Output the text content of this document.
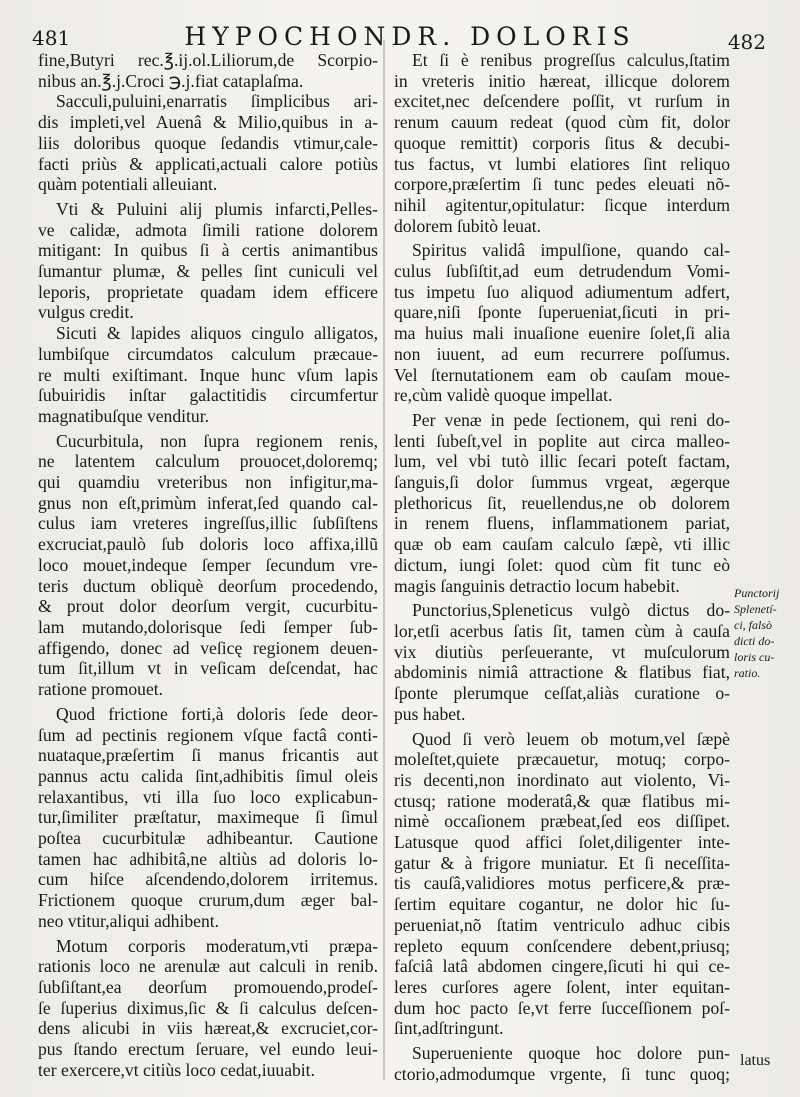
481	HYPOCHONDR. DOLORIS	482
fine,Butyri rec.℥.ij.ol.Liliorum,de Scorpio-
nibus an.℥.j.Croci ℈.j.fiat cataplaſma.
Sacculi,puluini,enarratis ſimplicibus ari-
dis impleti,vel Auenâ & Milio,quibus in a-
liis doloribus quoque ſedandis vtimur,cale-
facti priùs & applicati,actuali calore potiùs
quàm potentiali alleuiant.
Vti & Puluini alij plumis infarcti,Pelles-
ve calidæ, admota ſimili ratione dolorem
mitigant: In quibus ſi à certis animantibus
ſumantur plumæ, & pelles ſint cuniculi vel
leporis, proprietate quadam idem efficere
vulgus credit.
Sicuti & lapides aliquos cingulo alligatos,
lumbiſque circumdatos calculum præcaue-
re multi exiſtimant. Inque hunc vſum lapis
ſubuiridis inſtar galactitidis circumfertur
magnatibuſque venditur.
Cucurbitula, non ſupra regionem renis,
ne latentem calculum prouocet,doloremq;
qui quamdiu vreteribus non infigitur,ma-
gnus non eſt,primùm inferat,ſed quando cal-
culus iam vreteres ingreſſus,illic ſubſiſtens
excruciat,paulò ſub doloris loco affixa,illũ
loco mouet,indeque ſemper ſecundum vre-
teris ductum obliquè deorſum procedendo,
& prout dolor deorſum vergit, cucurbitu-
lam mutando,dolorisque ſedi ſemper ſub-
affigendo, donec ad veſicę regionem deuen-
tum ſit,illum vt in veſicam deſcendat, hac
ratione promouet.
Quod frictione forti,à doloris ſede deor-
ſum ad pectinis regionem vſque factâ conti-
nuataque,præſertim ſi manus fricantis aut
pannus actu calida ſint,adhibitis ſimul oleis
relaxantibus, vti illa ſuo loco explicabun-
tur,ſimiliter præſtatur, maximeque ſi ſimul
poſtea cucurbitulæ adhibeantur. Cautione
tamen hac adhibitâ,ne altiùs ad doloris lo-
cum hiſce aſcendendo,dolorem irritemus.
Frictionem quoque crurum,dum æger bal-
neo vtitur,aliqui adhibent.
Motum corporis moderatum,vti præpa-
rationis loco ne arenulæ aut calculi in renib.
ſubſiſtant,ea deorſum promouendo,prodeſ-
ſe ſuperius diximus,ſic & ſi calculus deſcen-
dens alicubi in viis hæreat,& excruciet,cor-
pus ſtando erectum ſeruare, vel eundo leui-
ter exercere,vt citiùs loco cedat,iuuabit.
Et ſi è renibus progreſſus calculus,ſtatim
in vreteris initio hæreat, illicque dolorem
excitet,nec deſcendere poſſit, vt rurſum in
renum cauum redeat (quod cùm fit, dolor
quoque remittit) corporis ſitus & decubi-
tus factus, vt lumbi elatiores ſint reliquo
corpore,præſertim ſi tunc pedes eleuati nõ-
nihil agitentur,opitulatur: ſicque interdum
dolorem ſubitò leuat.
Spiritus validâ impulſione, quando cal-
culus ſubſiſtit,ad eum detrudendum Vomi-
tus impetu ſuo aliquod adiumentum adfert,
quare,niſi ſponte ſuperueniat,ſicuti in pri-
ma huius mali inuaſione euenire ſolet,ſi alia
non iuuent, ad eum recurrere poſſumus.
Vel ſternutationem eam ob cauſam moue-
re,cùm validè quoque impellat.
Per venæ in pede ſectionem, qui reni do-
lenti ſubeſt,vel in poplite aut circa malleo-
lum, vel vbi tutò illic ſecari poteſt factam,
ſanguis,ſi dolor ſummus vrgeat, ægerque
plethoricus ſit, reuellendus,ne ob dolorem
in renem fluens, inflammationem pariat,
quæ ob eam cauſam calculo ſæpè, vti illic
dictum, iungi ſolet: quod cùm fit tunc eò
magis ſanguinis detractio locum habebit.
Punctorius,Spleneticus vulgò dictus do-
lor,etſi acerbus ſatis ſit, tamen cùm à cauſa
vix diutiùs perſeuerante, vt muſculorum
abdominis nimiâ attractione & flatibus fiat,
ſponte plerumque ceſſat,aliàs curatione o-
pus habet.
Quod ſi verò leuem ob motum,vel ſæpè
moleſtet,quiete præcauetur, motuq; corpo-
ris decenti,non inordinato aut violento, Vi-
ctusq; ratione moderatâ,& quæ flatibus mi-
nimè occaſionem præbeat,ſed eos diſſipet.
Latusque quod affici ſolet,diligenter inte-
gatur & à frigore muniatur. Et ſi neceſſita-
tis cauſâ,validiores motus perficere,& præ-
ſertim equitare cogantur, ne dolor hic ſu-
perueniat,nõ ſtatim ventriculo adhuc cibis
repleto equum conſcendere debent,priusq;
faſciâ latâ abdomen cingere,ſicuti hi qui ce-
leres curſores agere ſolent, inter equitan-
dum hoc pacto ſe,vt ferre ſucceſſionem poſ-
ſint,adſtringunt.
Superueniente quoque hoc dolore pun-
ctorio,admodumque vrgente, ſi tunc quoq;
Punctorij
Splenetí-
ci, falsò
dicti do-
loris cu-
ratio.
latus
